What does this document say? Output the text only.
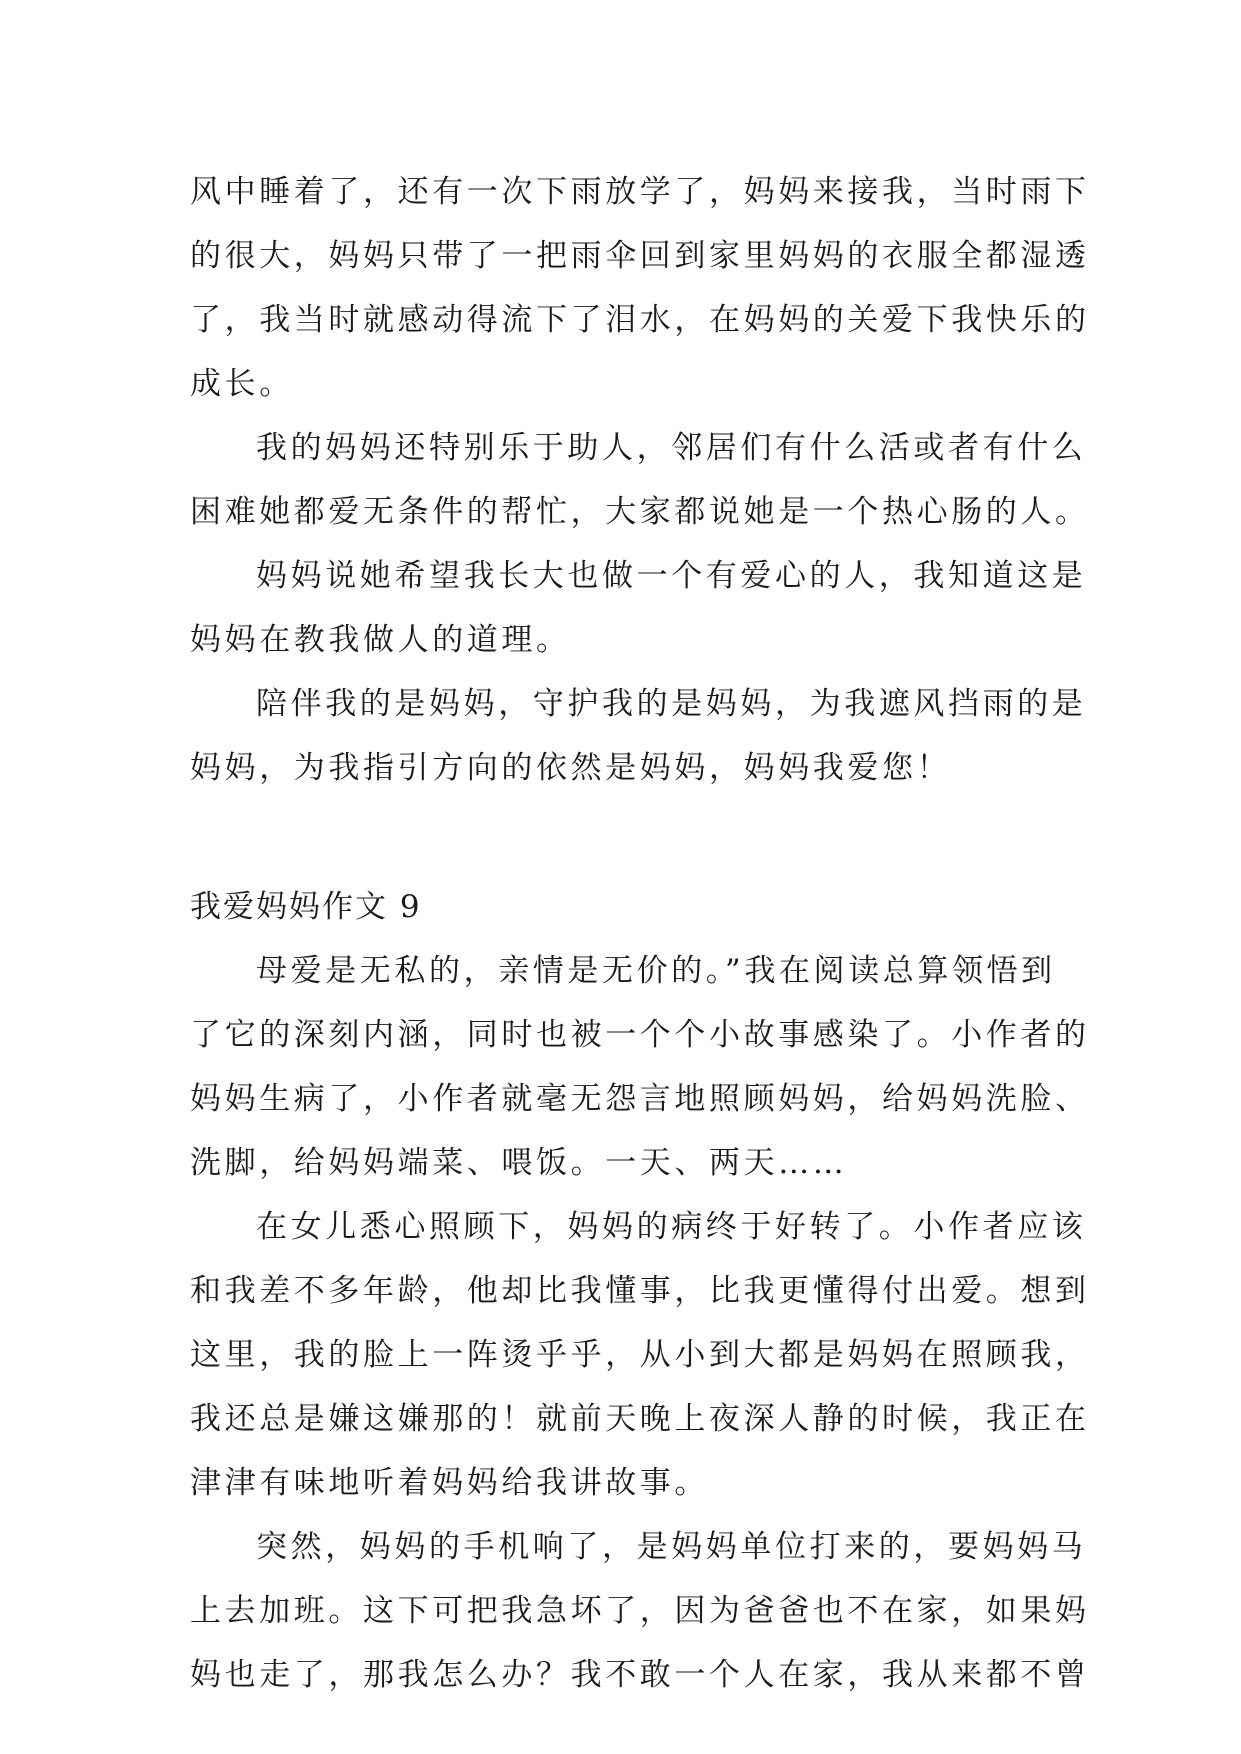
风中睡着了，还有一次下雨放学了，妈妈来接我，当时雨下

的很大，妈妈只带了一把雨伞回到家里妈妈的衣服全都湿透

了，我当时就感动得流下了泪水，在妈妈的关爱下我快乐的

成长。

我的妈妈还特别乐于助人，邻居们有什么活或者有什么

困难她都爱无条件的帮忙，大家都说她是一个热心肠的人。

妈妈说她希望我长大也做一个有爱心的人，我知道这是

妈妈在教我做人的道理。

陪伴我的是妈妈，守护我的是妈妈，为我遮风挡雨的是

妈妈，为我指引方向的依然是妈妈，妈妈我爱您！

我爱妈妈作文 9

母爱是无私的，亲情是无价的。”我在阅读总算领悟到

了它的深刻内涵，同时也被一个个小故事感染了。小作者的

妈妈生病了，小作者就毫无怨言地照顾妈妈，给妈妈洗脸、

洗脚，给妈妈端菜、喂饭。一天、两天……

在女儿悉心照顾下，妈妈的病终于好转了。小作者应该

和我差不多年龄，他却比我懂事，比我更懂得付出爱。想到

这里，我的脸上一阵烫乎乎，从小到大都是妈妈在照顾我，

我还总是嫌这嫌那的！就前天晚上夜深人静的时候，我正在

津津有味地听着妈妈给我讲故事。

突然，妈妈的手机响了，是妈妈单位打来的，要妈妈马

上去加班。这下可把我急坏了，因为爸爸也不在家，如果妈

妈也走了，那我怎么办？我不敢一个人在家，我从来都不曾
